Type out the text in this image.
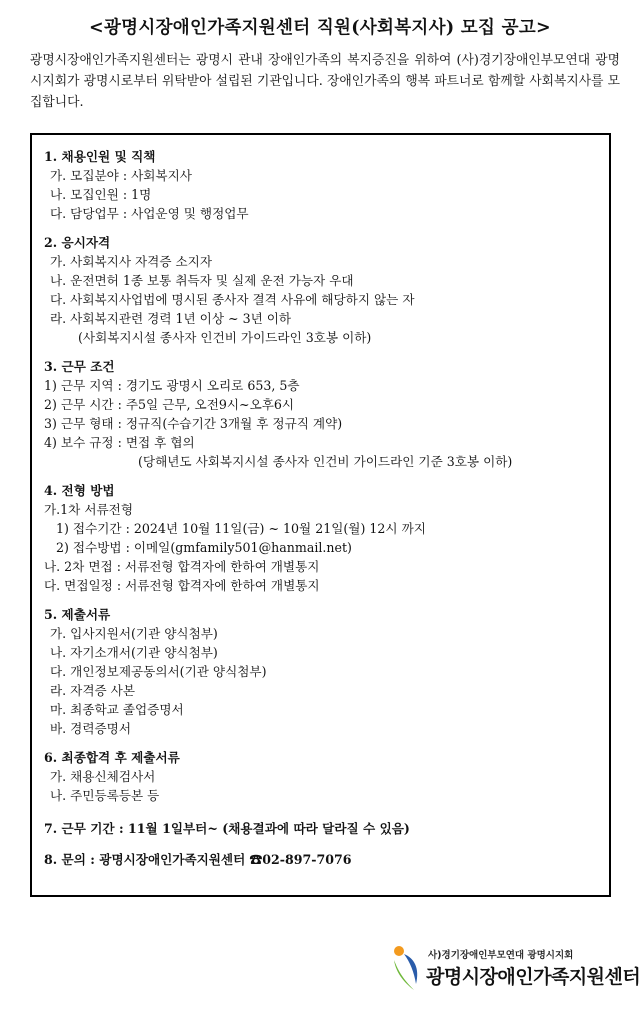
<광명시장애인가족지원센터 직원(사회복지사) 모집 공고>
광명시장애인가족지원센터는 광명시 관내 장애인가족의 복지증진을 위하여 (사)경기장애인부모연대 광명시지회가 광명시로부터 위탁받아 설립된 기관입니다. 장애인가족의 행복 파트너로 함께할 사회복지사를 모집합니다.
1. 채용인원 및 직책
가. 모집분야 : 사회복지사
나. 모집인원 : 1명
다. 담당업무 : 사업운영 및 행정업무
2. 응시자격
가. 사회복지사 자격증 소지자
나. 운전면허 1종 보통 취득자 및 실제 운전 가능자 우대
다. 사회복지사업법에 명시된 종사자 결격 사유에 해당하지 않는 자
라. 사회복지관련 경력 1년 이상 ~ 3년 이하
(사회복지시설 종사자 인건비 가이드라인 3호봉 이하)
3. 근무 조건
1) 근무 지역 : 경기도 광명시 오리로 653, 5층
2) 근무 시간 : 주5일 근무, 오전9시~오후6시
3) 근무 형태 : 정규직(수습기간 3개월 후 정규직 계약)
4) 보수 규정 : 면접 후 협의
(당해년도 사회복지시설 종사자 인건비 가이드라인 기준 3호봉 이하)
4. 전형 방법
가.1차 서류전형
1) 접수기간 : 2024년 10월 11일(금) ~ 10월 21일(월) 12시 까지
2) 접수방법 : 이메일(gmfamily501@hanmail.net)
나. 2차 면접 : 서류전형 합격자에 한하여 개별통지
다. 면접일정 : 서류전형 합격자에 한하여 개별통지
5. 제출서류
가. 입사지원서(기관 양식첨부)
나. 자기소개서(기관 양식첨부)
다. 개인정보제공동의서(기관 양식첨부)
라. 자격증 사본
마. 최종학교 졸업증명서
바. 경력증명서
6. 최종합격 후 제출서류
가. 채용신체검사서
나. 주민등록등본 등
7. 근무 기간 : 11월 1일부터~ (채용결과에 따라 달라질 수 있음)
8. 문의 : 광명시장애인가족지원센터 ☎02-897-7076
사)경기장애인부모연대 광명시지회
광명시장애인가족지원센터
